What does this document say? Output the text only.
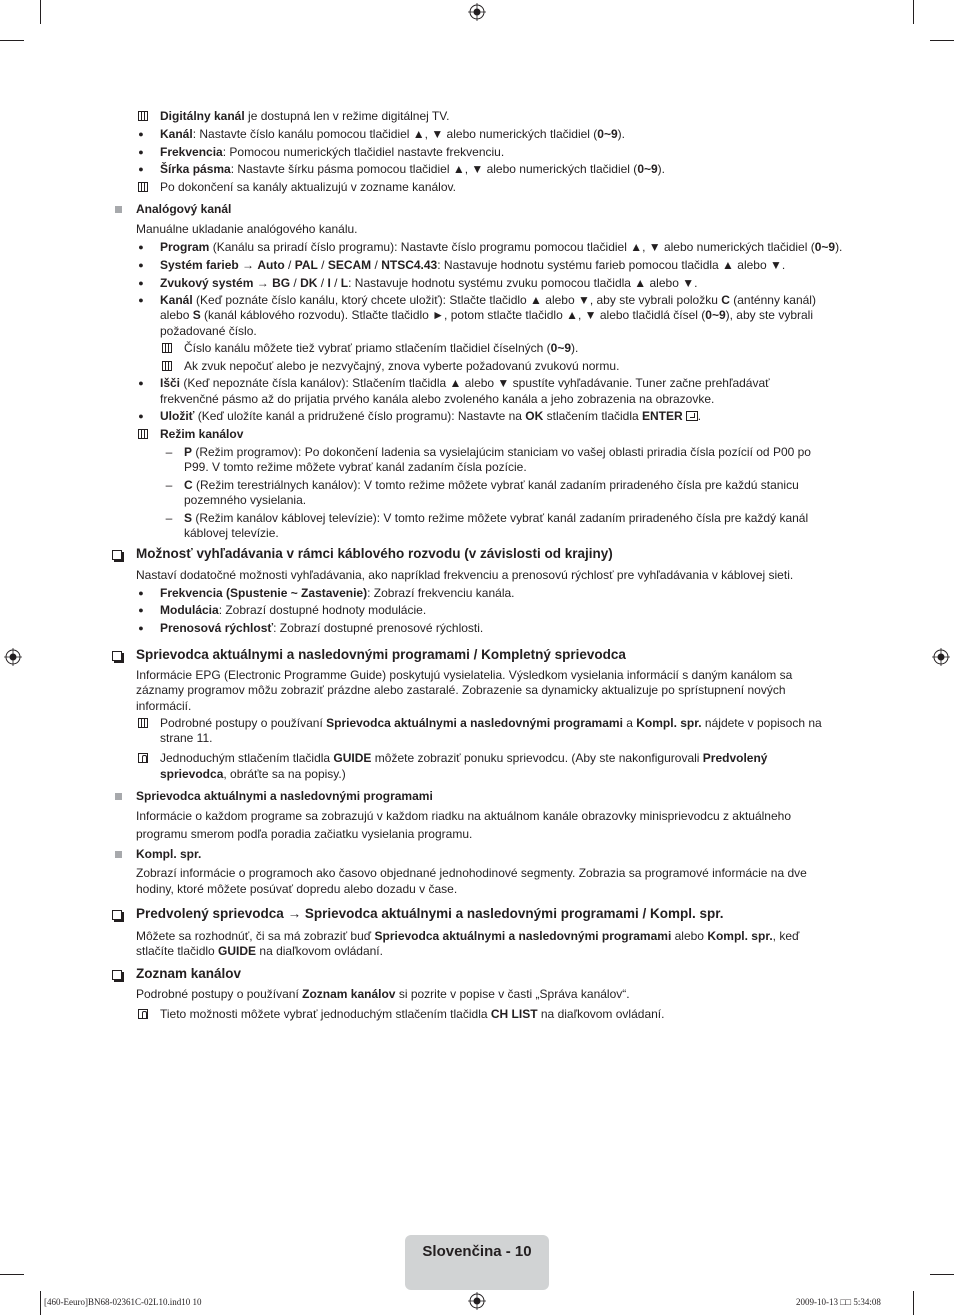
Digitálny kanál je dostupná len v režime digitálnej TV.
●	Kanál: Nastavte číslo kanálu pomocou tlačidiel ▲, ▼ alebo numerických tlačidiel (0~9).
●	Frekvencia: Pomocou numerických tlačidiel nastavte frekvenciu.
●	Šírka pásma: Nastavte šírku pásma pomocou tlačidiel ▲, ▼ alebo numerických tlačidiel (0~9).
Po dokončení sa kanály aktualizujú v zozname kanálov.
Analógový kanál
Manuálne ukladanie analógového kanálu.
●	Program (Kanálu sa priradí číslo programu): Nastavte číslo programu pomocou tlačidiel ▲, ▼ alebo numerických tlačidiel (0~9).
●	Systém farieb → Auto / PAL / SECAM / NTSC4.43: Nastavuje hodnotu systému farieb pomocou tlačidla ▲ alebo ▼.
●	Zvukový systém → BG / DK / I / L: Nastavuje hodnotu systému zvuku pomocou tlačidla ▲ alebo ▼.
●	Kanál (Keď poznáte číslo kanálu, ktorý chcete uložiť): Stlačte tlačidlo ▲ alebo ▼, aby ste vybrali položku C (anténny kanál)
alebo S (kanál káblového rozvodu). Stlačte tlačidlo ►, potom stlačte tlačidlo ▲, ▼ alebo tlačidlá čísel (0~9), aby ste vybrali
požadované číslo.
Číslo kanálu môžete tiež vybrať priamo stlačením tlačidiel číselných (0~9).
Ak zvuk nepočuť alebo je nezvyčajný, znova vyberte požadovanú zvukovú normu.
●	Išči (Keď nepoznáte čísla kanálov): Stlačením tlačidla ▲ alebo ▼ spustíte vyhľadávanie. Tuner začne prehľadávať
frekvenčné pásmo až do prijatia prvého kanála alebo zvoleného kanála a jeho zobrazenia na obrazovke.
●	Uložiť (Keď uložíte kanál a pridružené číslo programu): Nastavte na OK stlačením tlačidla ENTER .
Režim kanálov
– P (Režim programov): Po dokončení ladenia sa vysielajúcim staniciam vo vašej oblasti priradia čísla pozícií od P00 po
P99. V tomto režime môžete vybrať kanál zadaním čísla pozície.
– C (Režim terestriálnych kanálov): V tomto režime môžete vybrať kanál zadaním priradeného čísla pre každú stanicu
pozemného vysielania.
– S (Režim kanálov káblovej televízie): V tomto režime môžete vybrať kanál zadaním priradeného čísla pre každý kanál
káblovej televízie.
Možnosť vyhľadávania v rámci káblového rozvodu (v závislosti od krajiny)
Nastaví dodatočné možnosti vyhľadávania, ako napríklad frekvenciu a prenosovú rýchlosť pre vyhľadávania v káblovej sieti.
●	Frekvencia (Spustenie ~ Zastavenie): Zobrazí frekvenciu kanála.
●	Modulácia: Zobrazí dostupné hodnoty modulácie.
●	Prenosová rýchlosť: Zobrazí dostupné prenosové rýchlosti.
Sprievodca aktuálnymi a nasledovnými programami / Kompletný sprievodca
Informácie EPG (Electronic Programme Guide) poskytujú vysielatelia. Výsledkom vysielania informácií s daným kanálom sa
záznamy programov môžu zobraziť prázdne alebo zastaralé. Zobrazenie sa dynamicky aktualizuje po sprístupnení nových
informácií.
Podrobné postupy o používaní Sprievodca aktuálnymi a nasledovnými programami a Kompl. spr. nájdete v popisoch na
strane 11.
Jednoduchým stlačením tlačidla GUIDE môžete zobraziť ponuku sprievodcu. (Aby ste nakonfigurovali Predvolený
sprievodca, obráťte sa na popisy.)
Sprievodca aktuálnymi a nasledovnými programami
Informácie o každom programe sa zobrazujú v každom riadku na aktuálnom kanále obrazovky minisprievodcu z aktuálneho
programu smerom podľa poradia začiatku vysielania programu.
Kompl. spr.
Zobrazí informácie o programoch ako časovo objednané jednohodinové segmenty. Zobrazia sa programové informácie na dve
hodiny, ktoré môžete posúvať dopredu alebo dozadu v čase.
Predvolený sprievodca → Sprievodca aktuálnymi a nasledovnými programami / Kompl. spr.
Môžete sa rozhodnúť, či sa má zobraziť buď Sprievodca aktuálnymi a nasledovnými programami alebo Kompl. spr., keď
stlačíte tlačidlo GUIDE na diaľkovom ovládaní.
Zoznam kanálov
Podrobné postupy o používaní Zoznam kanálov si pozrite v popise v časti „Správa kanálov“.
Tieto možnosti môžete vybrať jednoduchým stlačením tlačidla CH LIST na diaľkovom ovládaní.
Slovenčina - 10
[460-Eeuro]BN68-02361C-02L10.ind10 10	2009-10-13 □□ 5:34:08
